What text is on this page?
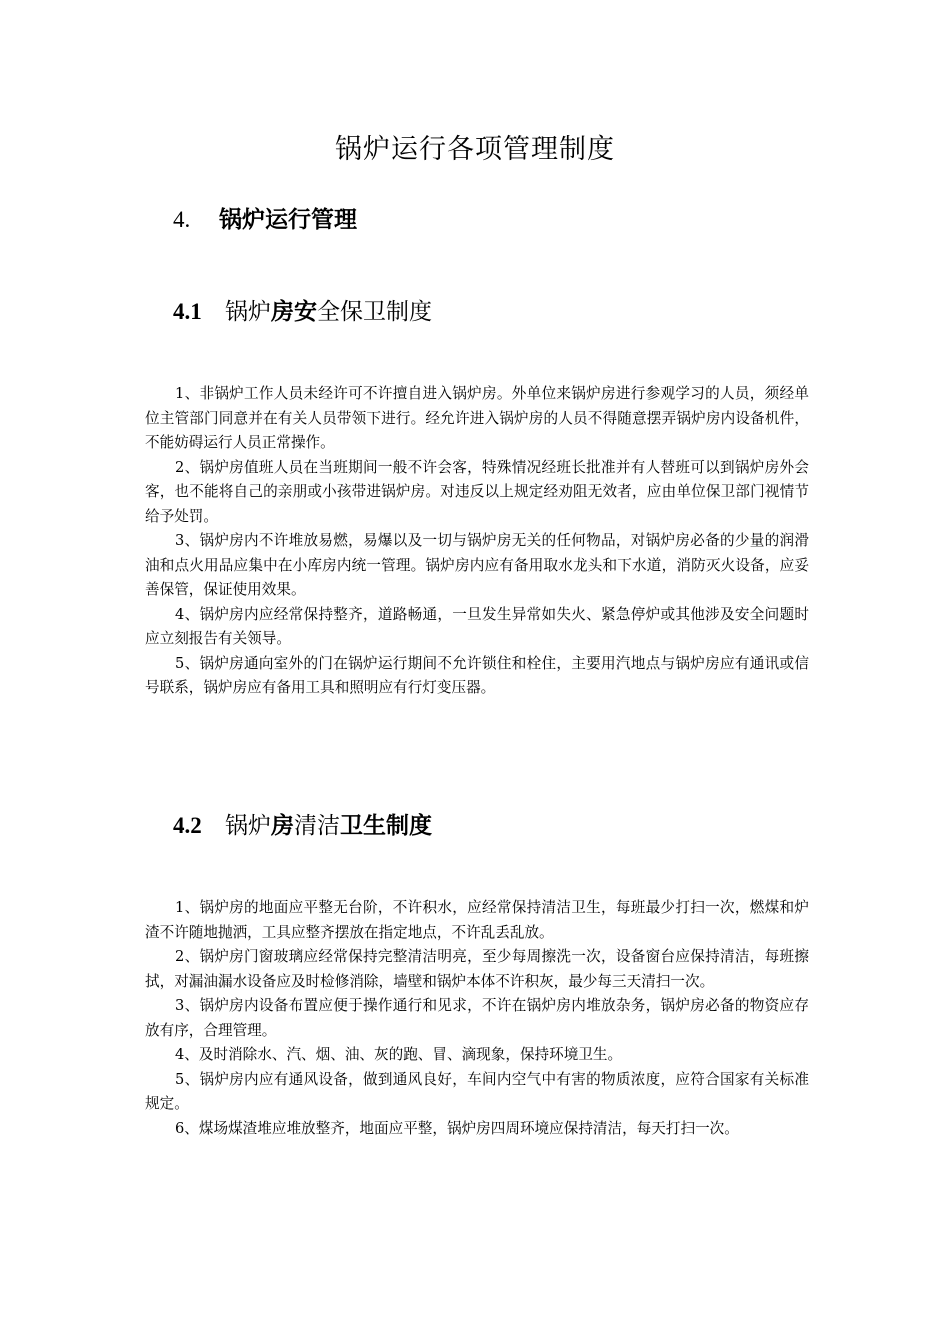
锅炉运行各项管理制度
4. 锅炉运行管理
4.1 锅炉房安全保卫制度

1、非锅炉工作人员未经许可不许擅自进入锅炉房。外单位来锅炉房进行参观学习的人员，须经单位主管部门同意并在有关人员带领下进行。经允许进入锅炉房的人员不得随意摆弄锅炉房内设备机件，不能妨碍运行人员正常操作。

2、锅炉房值班人员在当班期间一般不许会客，特殊情况经班长批准并有人替班可以到锅炉房外会客，也不能将自己的亲朋或小孩带进锅炉房。对违反以上规定经劝阻无效者，应由单位保卫部门视情节给予处罚。

3、锅炉房内不许堆放易燃，易爆以及一切与锅炉房无关的任何物品，对锅炉房必备的少量的润滑油和点火用品应集中在小库房内统一管理。锅炉房内应有备用取水龙头和下水道，消防灭火设备，应妥善保管，保证使用效果。

4、锅炉房内应经常保持整齐，道路畅通，一旦发生异常如失火、紧急停炉或其他涉及安全问题时应立刻报告有关领导。

5、锅炉房通向室外的门在锅炉运行期间不允许锁住和栓住，主要用汽地点与锅炉房应有通讯或信号联系，锅炉房应有备用工具和照明应有行灯变压器。

4.2 锅炉房清洁卫生制度

1、锅炉房的地面应平整无台阶，不许积水，应经常保持清洁卫生，每班最少打扫一次，燃煤和炉渣不许随地抛洒，工具应整齐摆放在指定地点，不许乱丢乱放。

2、锅炉房门窗玻璃应经常保持完整清洁明亮，至少每周擦洗一次，设备窗台应保持清洁，每班擦拭，对漏油漏水设备应及时检修消除，墙壁和锅炉本体不许积灰，最少每三天清扫一次。

3、锅炉房内设备布置应便于操作通行和见求，不许在锅炉房内堆放杂务，锅炉房必备的物资应存放有序，合理管理。

4、及时消除水、汽、烟、油、灰的跑、冒、滴现象，保持环境卫生。

5、锅炉房内应有通风设备，做到通风良好，车间内空气中有害的物质浓度，应符合国家有关标准规定。

6、煤场煤渣堆应堆放整齐，地面应平整，锅炉房四周环境应保持清洁，每天打扫一次。
